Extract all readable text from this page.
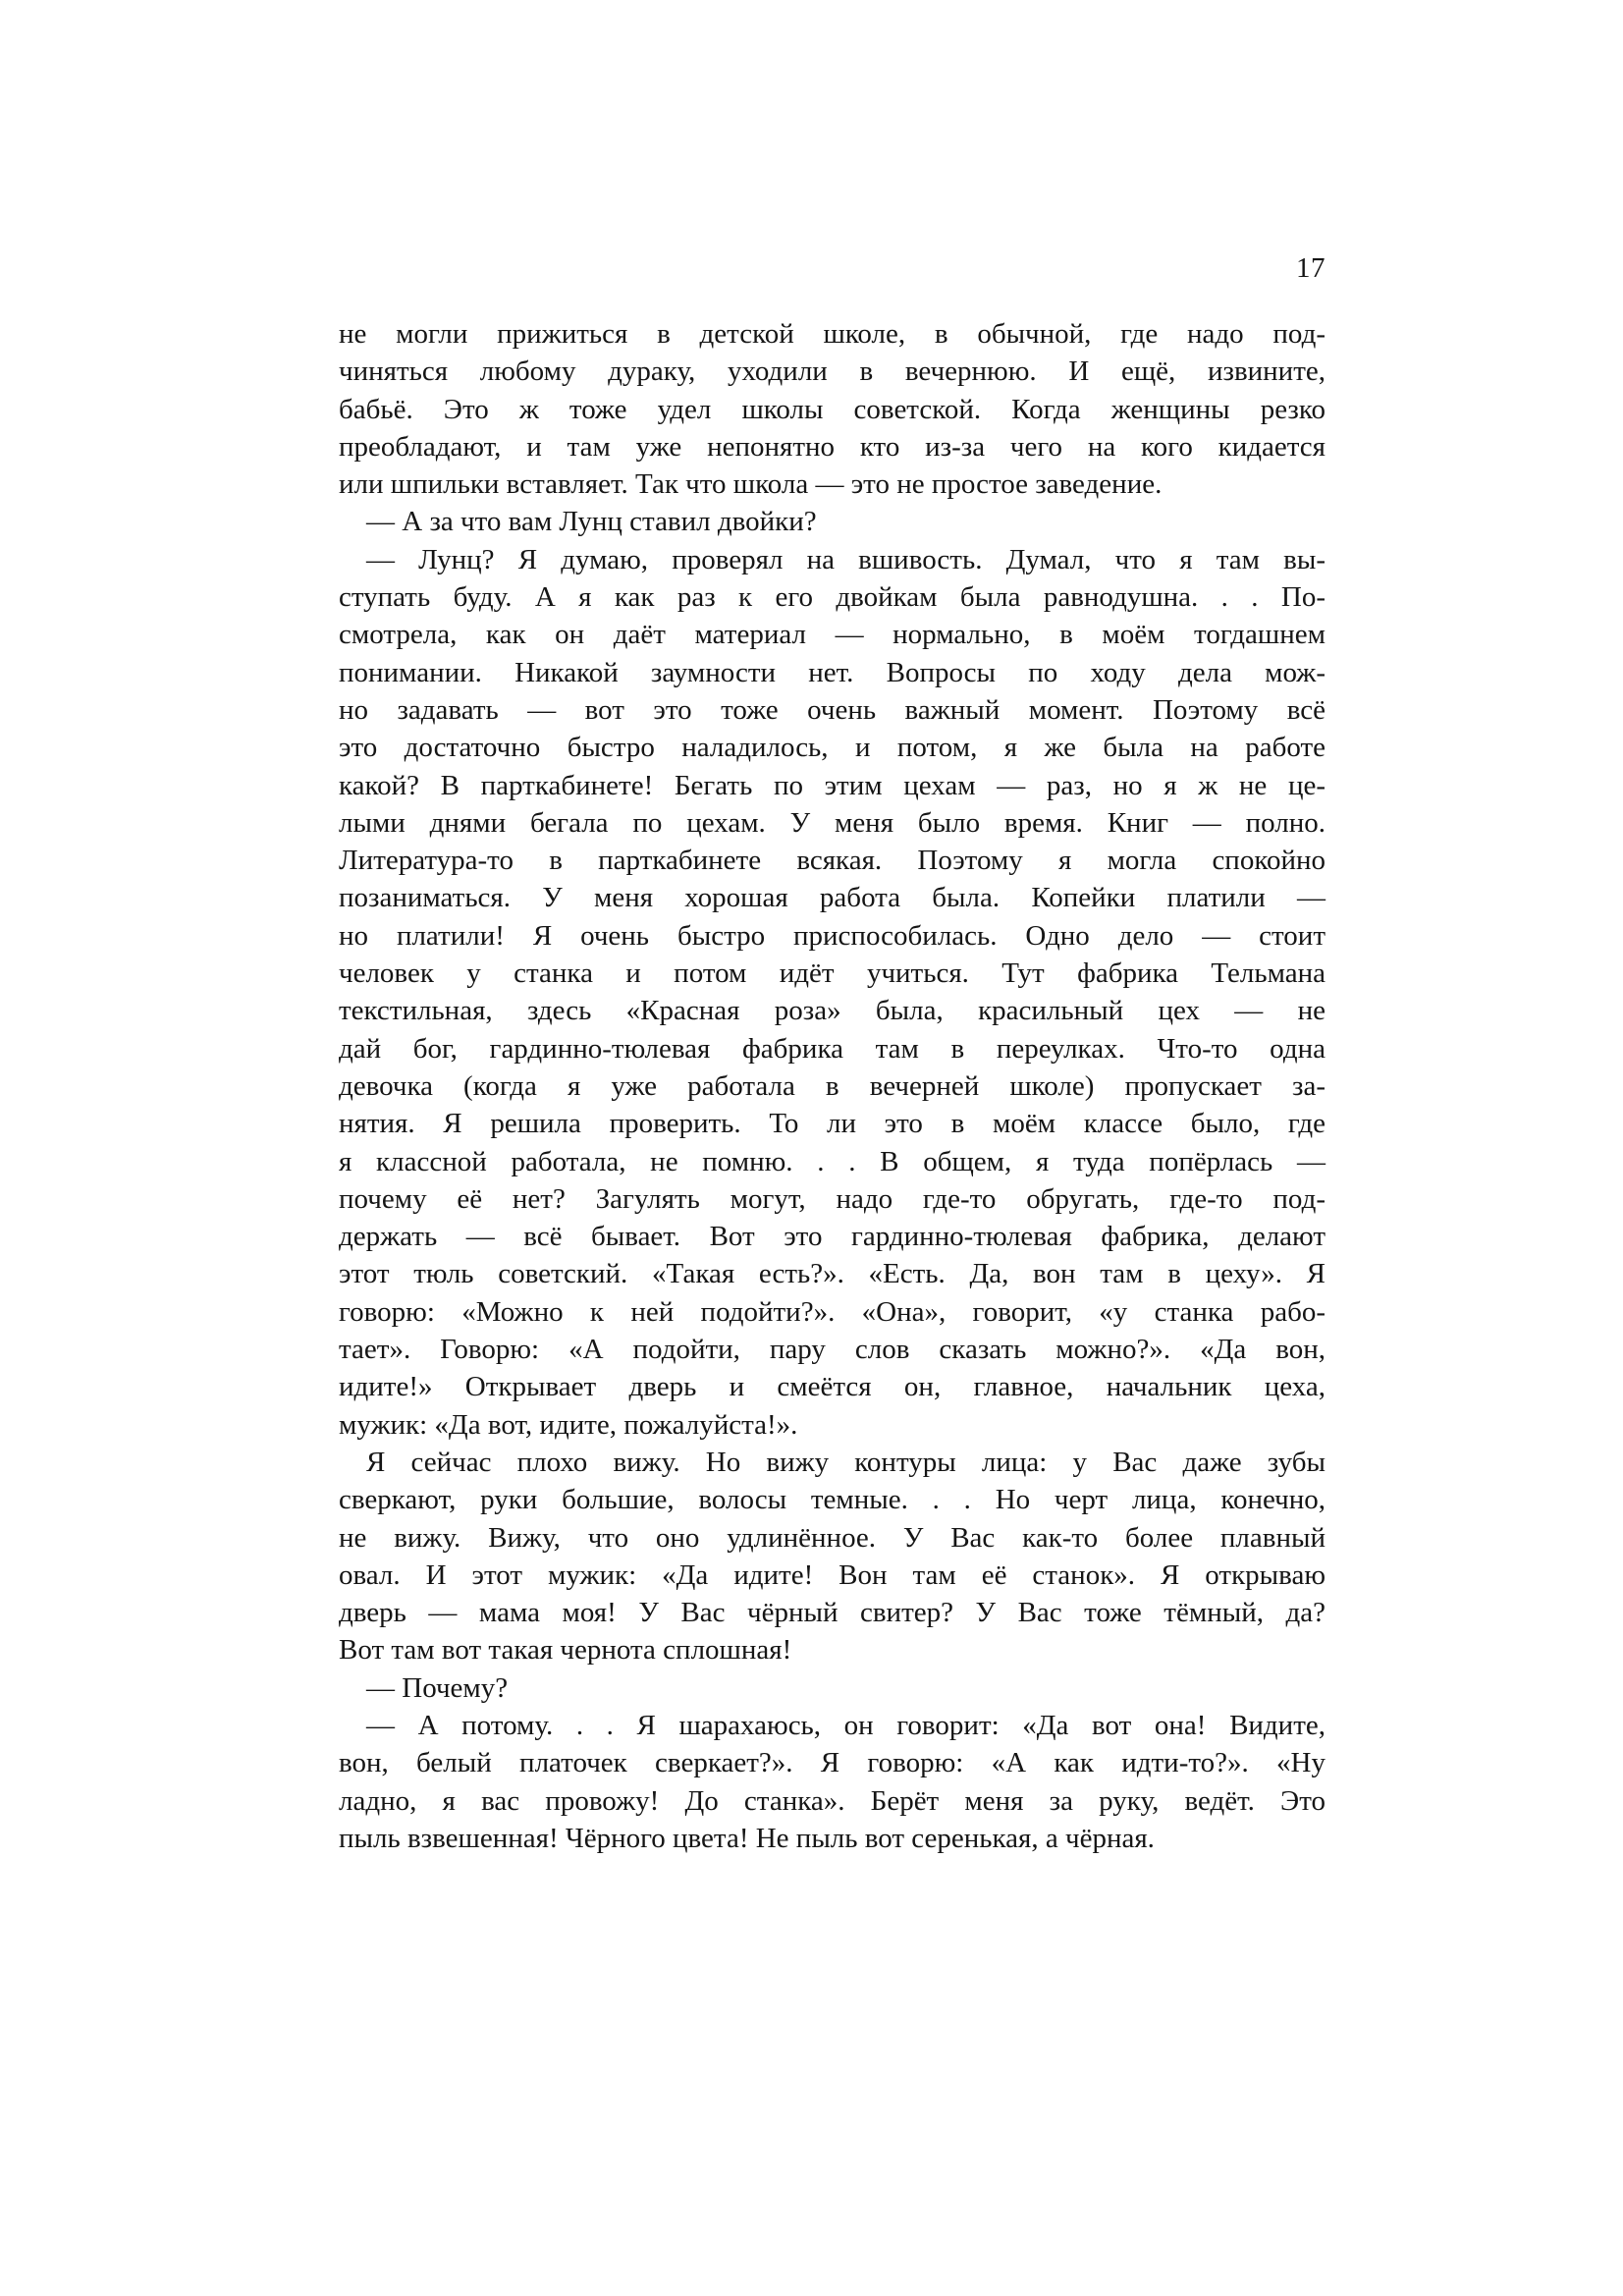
17
не могли прижиться в детской школе, в обычной, где надо под-
чиняться любому дураку, уходили в вечернюю. И ещё, извините,
бабьё. Это ж тоже удел школы советской. Когда женщины резко
преобладают, и там уже непонятно кто из-за чего на кого кидается
или шпильки вставляет. Так что школа — это не простое заведение.
— А за что вам Лунц ставил двойки?
— Лунц? Я думаю, проверял на вшивость. Думал, что я там вы-
ступать буду. А я как раз к его двойкам была равнодушна. . . По-
смотрела, как он даёт материал — нормально, в моём тогдашнем
понимании. Никакой заумности нет. Вопросы по ходу дела мож-
но задавать — вот это тоже очень важный момент. Поэтому всё
это достаточно быстро наладилось, и потом, я же была на работе
какой? В парткабинете! Бегать по этим цехам — раз, но я ж не це-
лыми днями бегала по цехам. У меня было время. Книг — полно.
Литература-то в парткабинете всякая. Поэтому я могла спокойно
позаниматься. У меня хорошая работа была. Копейки платили —
но платили! Я очень быстро приспособилась. Одно дело — стоит
человек у станка и потом идёт учиться. Тут фабрика Тельмана
текстильная, здесь «Красная роза» была, красильный цех — не
дай бог, гардинно-тюлевая фабрика там в переулках. Что-то одна
девочка (когда я уже работала в вечерней школе) пропускает за-
нятия. Я решила проверить. То ли это в моём классе было, где
я классной работала, не помню. . . В общем, я туда попёрлась —
почему её нет? Загулять могут, надо где-то обругать, где-то под-
держать — всё бывает. Вот это гардинно-тюлевая фабрика, делают
этот тюль советский. «Такая есть?». «Есть. Да, вон там в цеху». Я
говорю: «Можно к ней подойти?». «Она», говорит, «у станка рабо-
тает». Говорю: «А подойти, пару слов сказать можно?». «Да вон,
идите!» Открывает дверь и смеётся он, главное, начальник цеха,
мужик: «Да вот, идите, пожалуйста!».
Я сейчас плохо вижу. Но вижу контуры лица: у Вас даже зубы
сверкают, руки большие, волосы темные. . . Но черт лица, конечно,
не вижу. Вижу, что оно удлинённое. У Вас как-то более плавный
овал. И этот мужик: «Да идите! Вон там её станок». Я открываю
дверь — мама моя! У Вас чёрный свитер? У Вас тоже тёмный, да?
Вот там вот такая чернота сплошная!
— Почему?
— А потому. . . Я шарахаюсь, он говорит: «Да вот она! Видите,
вон, белый платочек сверкает?». Я говорю: «А как идти-то?». «Ну
ладно, я вас провожу! До станка». Берёт меня за руку, ведёт. Это
пыль взвешенная! Чёрного цвета! Не пыль вот серенькая, а чёрная.
